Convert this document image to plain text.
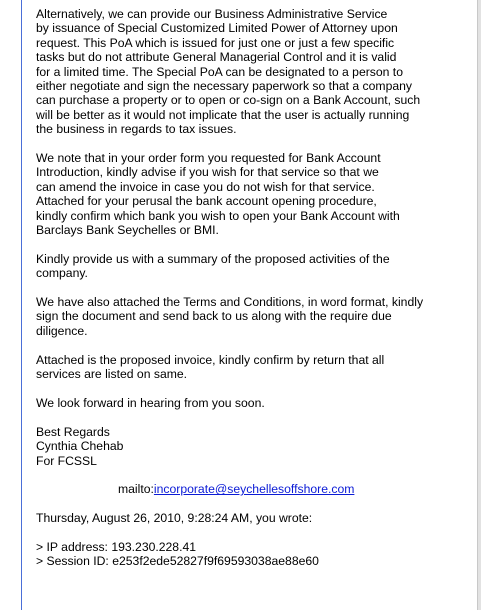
Alternatively, we can provide our Business Administrative Service
by issuance of Special Customized Limited Power of Attorney upon
request. This PoA which is issued for just one or just a few specific
tasks but do not attribute General Managerial Control and it is valid
for a limited time. The Special PoA can be designated to a person to
either negotiate and sign the necessary paperwork so that a company
can purchase a property or to open or co-sign on a Bank Account, such
will be better as it would not implicate that the user is actually running
the business in regards to tax issues.

We note that in your order form you requested for Bank Account
Introduction, kindly advise if you wish for that service so that we
can amend the invoice in case you do not wish for that service.
Attached for your perusal the bank account opening procedure,
kindly confirm which bank you wish to open your Bank Account with
Barclays Bank Seychelles or BMI.

Kindly provide us with a summary of the proposed activities of the
company.

We have also attached the Terms and Conditions, in word format, kindly
sign the document and send back to us along with the require due
diligence.

Attached is the proposed invoice, kindly confirm by return that all
services are listed on same.

We look forward in hearing from you soon.

Best Regards
Cynthia Chehab
For FCSSL

mailto:incorporate@seychellesoffshore.com

Thursday, August 26, 2010, 9:28:24 AM, you wrote:

> IP address: 193.230.228.41
> Session ID: e253f2ede52827f9f69593038ae88e60
